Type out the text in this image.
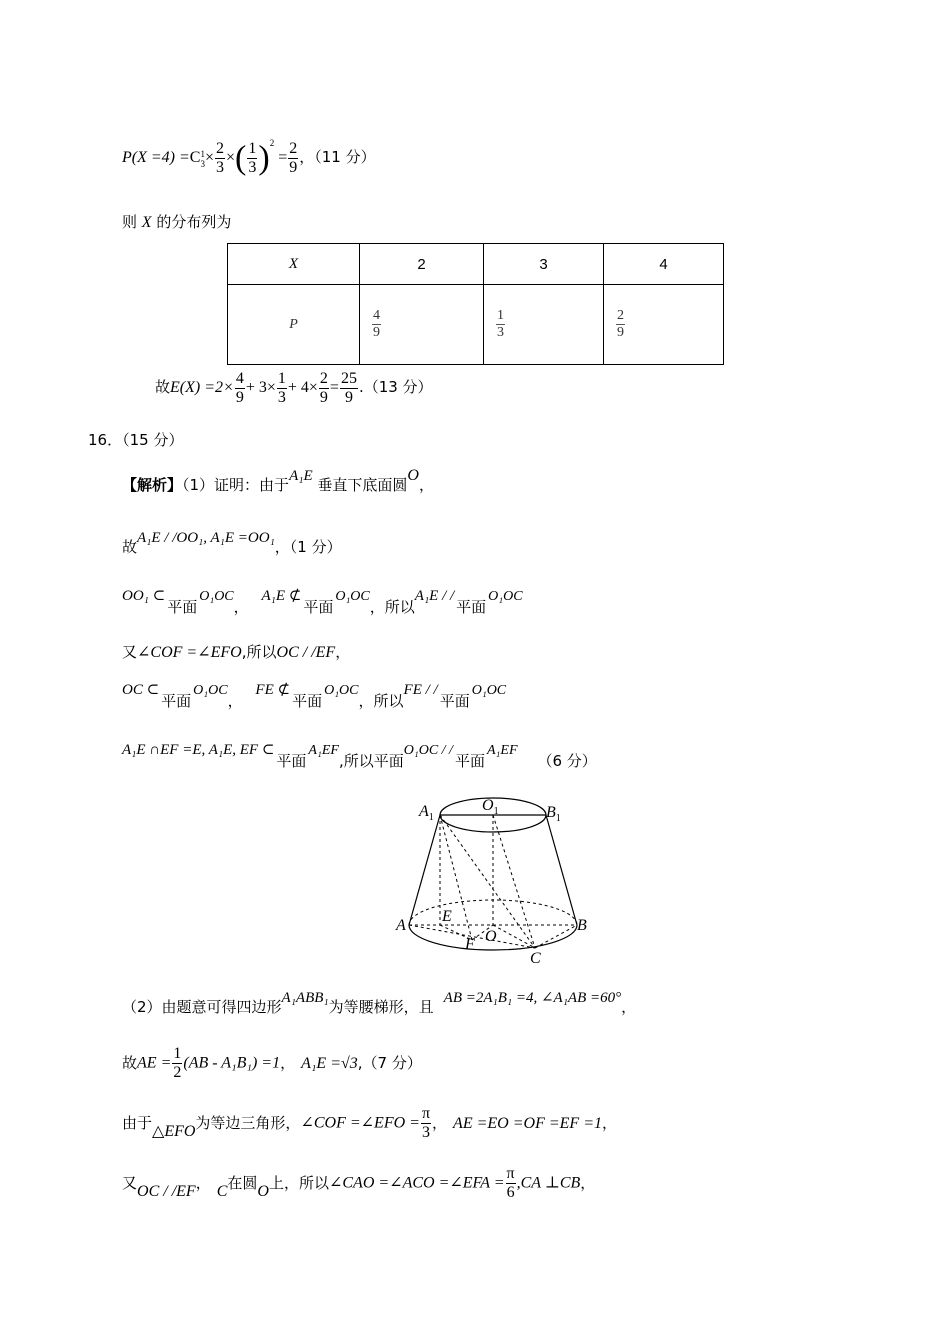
P(X =4) =C 1
$3 \times \frac{2}{3}$ ×( $\frac{1}{3} )^2 = \frac{2}{9}$ ，（11 分）
则 X 的分布列为
X	2	3	4
P	$\frac{4}{9}$	$\frac{1}{3}$	$\frac{2}{9}$
故$E(X) =2\times \frac{4}{9} + 3\times \frac{1}{3} + 4\times \frac{2}{9} = \frac{25}{9} .(13$ 分）
16．（15 分）
【解析】（1）证明：由于A₁E 垂直下底面圆O，
故A₁E / /OO₁, A₁E =OO₁，（1 分）
OO₁ ⊂平面O₁OC， A₁E ⊄平面O₁OC，所以A₁E / /平面O₁OC
又∠COF =∠EFO,所以OC / /EF，
OC ⊂平面O₁OC， FE ⊄平面O₁OC，所以FE / /平面O₁OC
A₁E ∩EF =E, A₁E, EF ⊂平面A₁EF,所以平面O₁OC / /平面A₁EF（6 分）
$A_1$
$O_1$	$B_1$
A
E
O
B
F
C
（2）由题意可得四边形A₁ABB₁为等腰梯形，且 AB =2A₁B₁ =4, ∠A₁AB =60°，
故AE = $\frac{1}{2} (AB - A_1B_1) =1$， A₁E =√3,（7 分）
由于△EFO为等边三角形，∠COF =∠EFO = $\frac{\pi}{3}$ ， AE =EO =OF =EF =1，
又OC / /EF， C在圆O上，所以∠CAO =∠ACO =∠EFA = $\frac{\pi}{6} ,CA$ ⊥CB，
